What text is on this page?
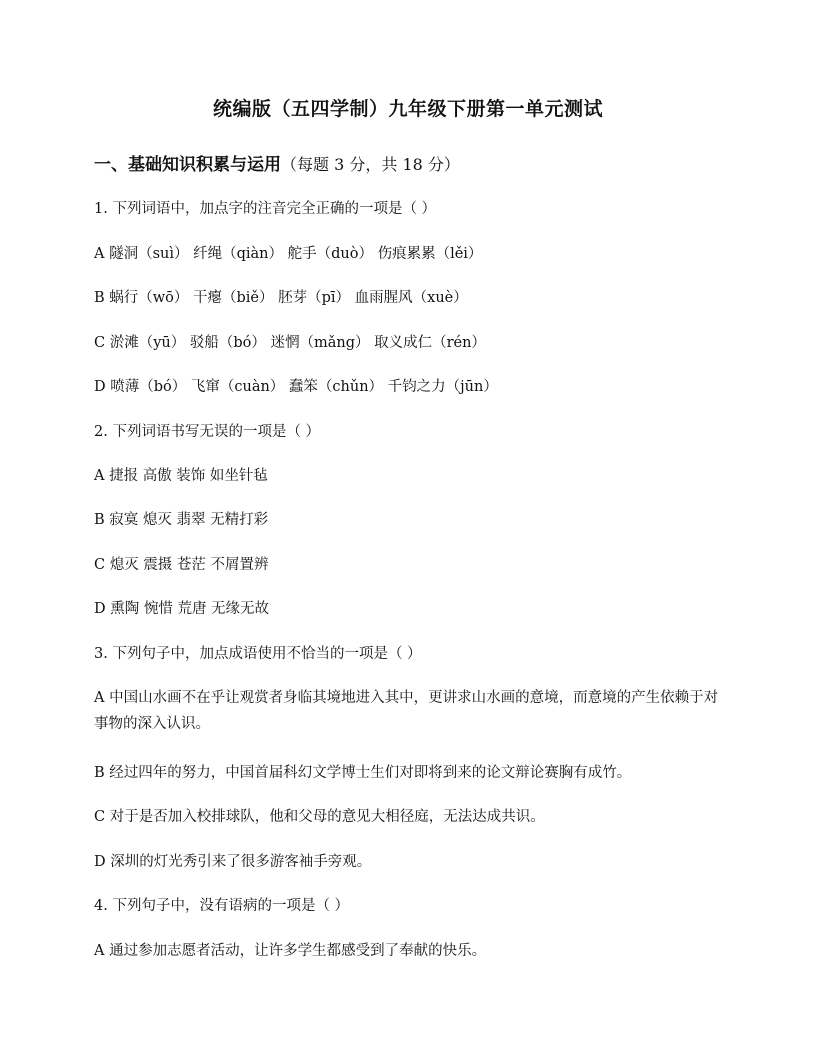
统编版（五四学制）九年级下册第一单元测试
一、基础知识积累与运用（每题 3 分，共 18 分）
1. 下列词语中，加点字的注音完全正确的一项是（ ）
A 隧洞（suì） 纤绳（qiàn） 舵手（duò） 伤痕累累（lěi）
B 蜗行（wō） 干瘪（biě） 胚芽（pī） 血雨腥风（xuè）
C 淤滩（yū） 驳船（bó） 迷惘（mǎng） 取义成仁（rén）
D 喷薄（bó） 飞窜（cuàn） 蠢笨（chǔn） 千钧之力（jūn）
2. 下列词语书写无误的一项是（ ）
A 捷报 高傲 装饰 如坐针毡
B 寂寞 熄灭 翡翠 无精打彩
C 熄灭 震摄 苍茫 不屑置辨
D 熏陶 惋惜 荒唐 无缘无故
3. 下列句子中，加点成语使用不恰当的一项是（ ）
A 中国山水画不在乎让观赏者身临其境地进入其中，更讲求山水画的意境，而意境的产生依赖于对事物的深入认识。
B 经过四年的努力，中国首届科幻文学博士生们对即将到来的论文辩论赛胸有成竹。
C 对于是否加入校排球队，他和父母的意见大相径庭，无法达成共识。
D 深圳的灯光秀引来了很多游客袖手旁观。
4. 下列句子中，没有语病的一项是（ ）
A 通过参加志愿者活动，让许多学生都感受到了奉献的快乐。
